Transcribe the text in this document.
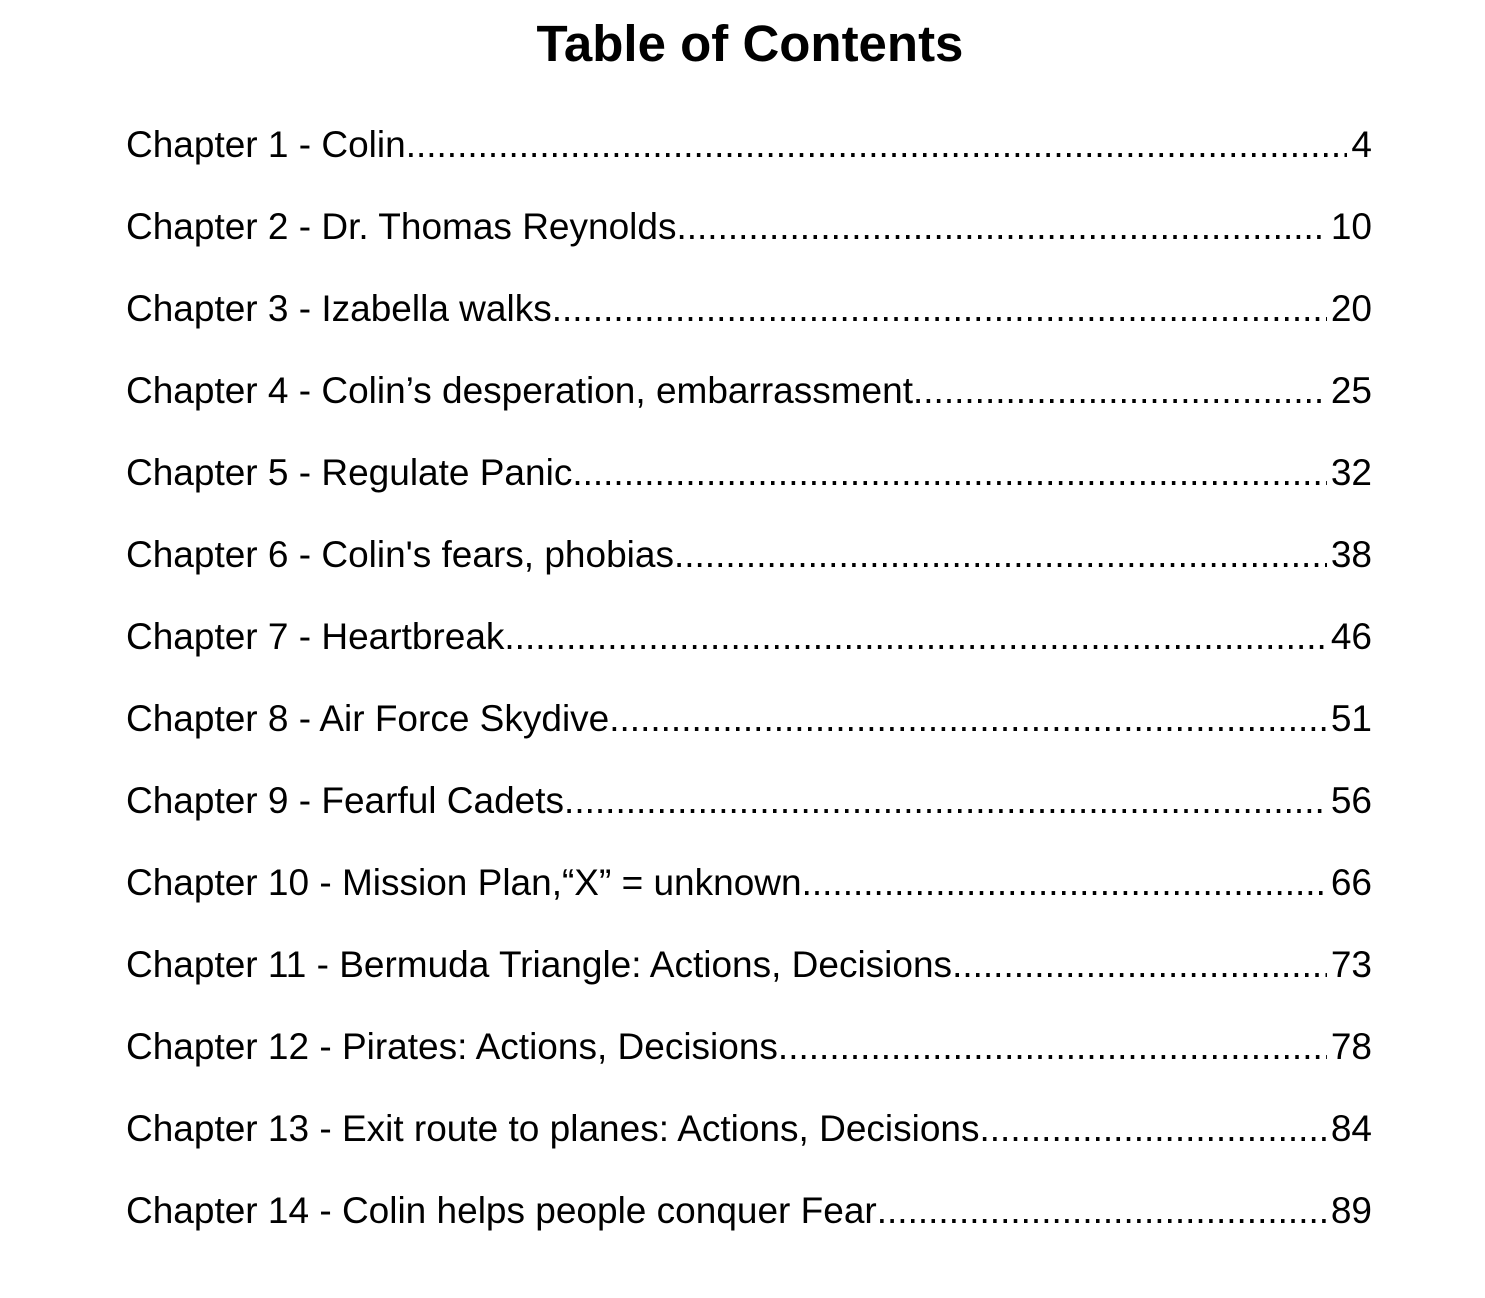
Table of Contents
Chapter 1 - Colin .....	4
Chapter 2 - Dr. Thomas Reynolds .....	10
Chapter 3 - Izabella walks .....	20
Chapter 4 - Colin’s desperation, embarrassment .....	25
Chapter 5 - Regulate Panic .....	32
Chapter 6 - Colin's fears, phobias .....	38
Chapter 7 - Heartbreak .....	46
Chapter 8 - Air Force Skydive .....	51
Chapter 9 - Fearful Cadets .....	56
Chapter 10 - Mission Plan,“X” = unknown .....	66
Chapter 11 - Bermuda Triangle: Actions, Decisions .....	73
Chapter 12 - Pirates: Actions, Decisions .....	78
Chapter 13 - Exit route to planes: Actions, Decisions .....	84
Chapter 14 - Colin helps people conquer Fear .....	89
